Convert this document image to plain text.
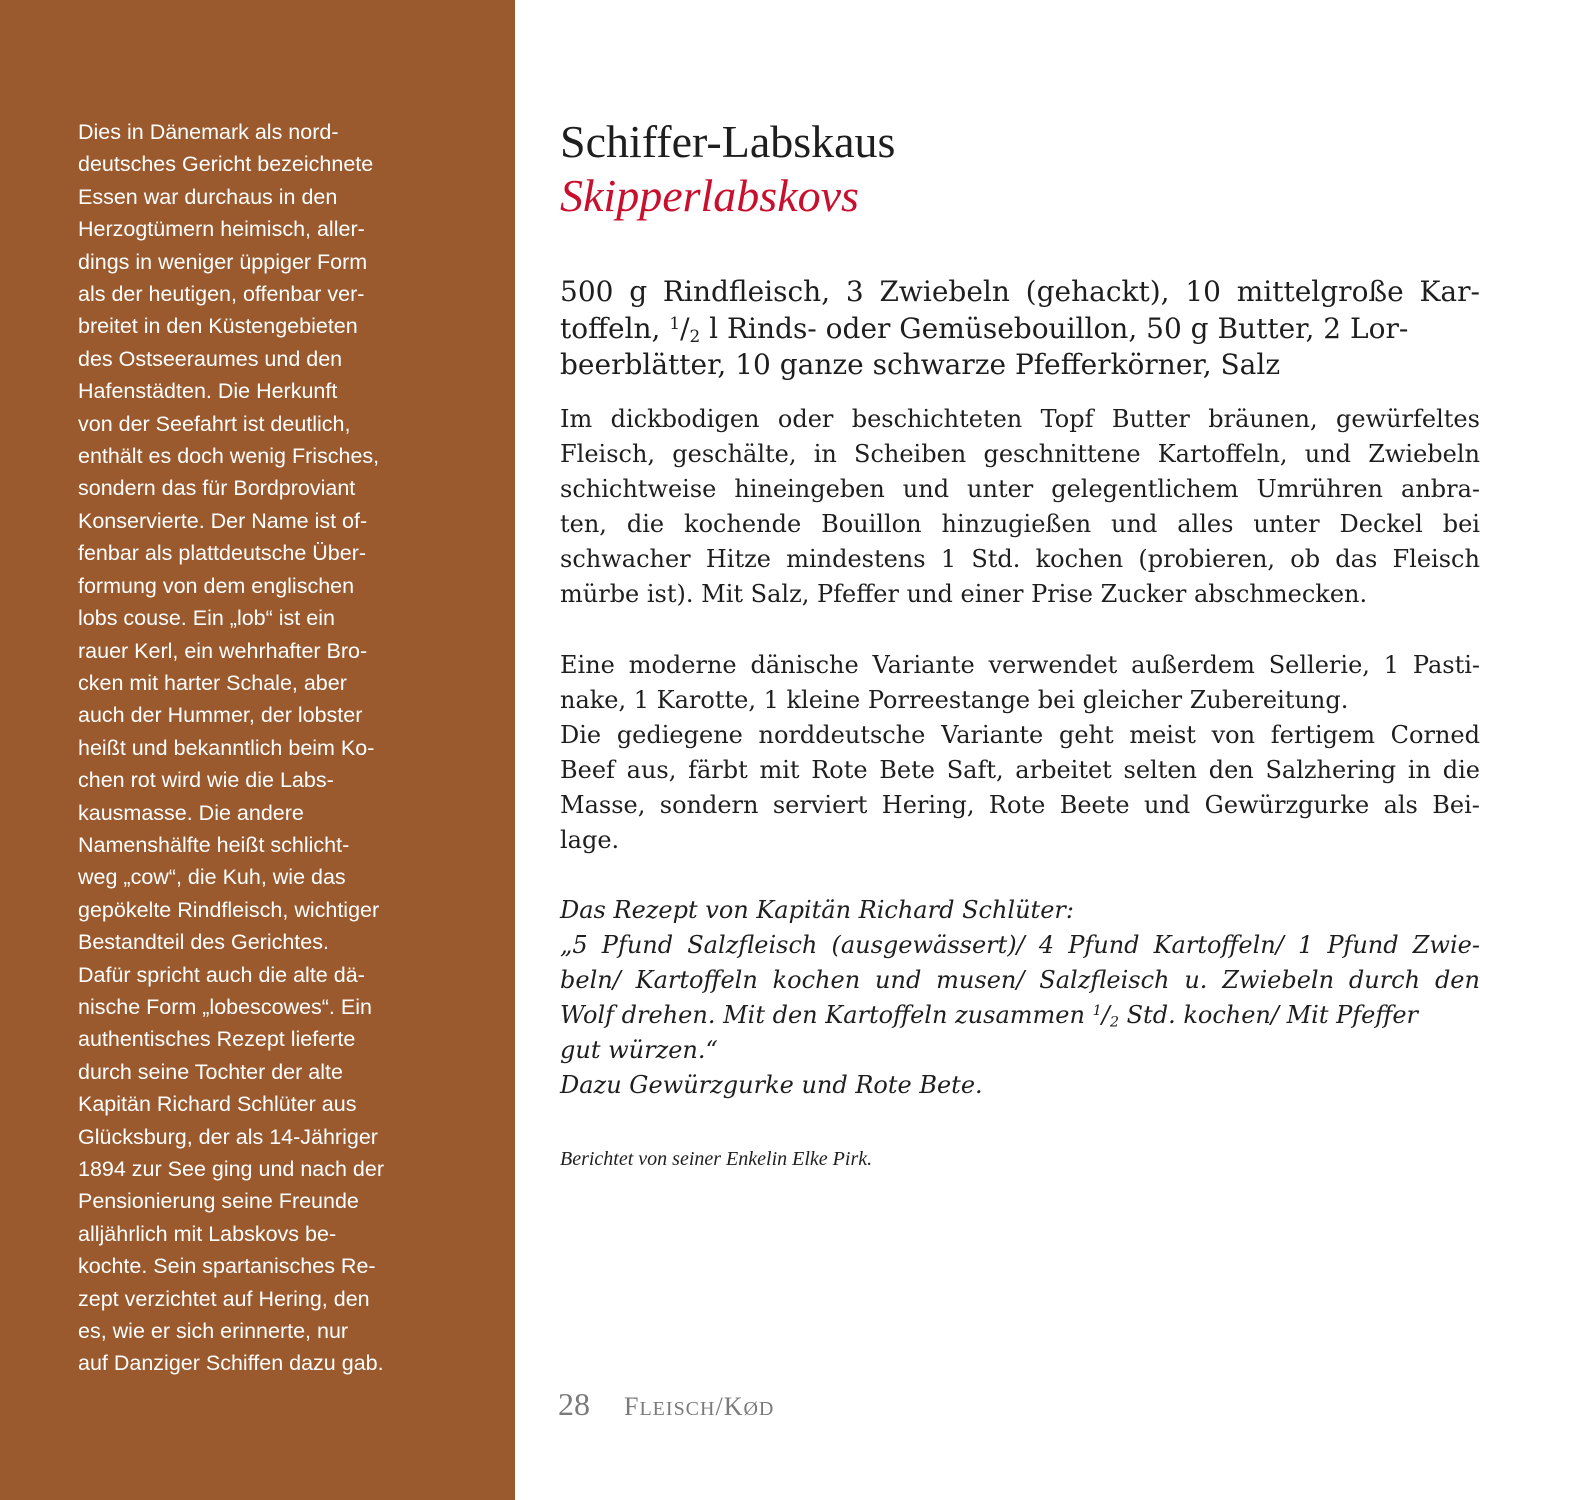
Dies in Dänemark als nord-
deutsches Gericht bezeichnete
Essen war durchaus in den
Herzogtümern heimisch, aller-
dings in weniger üppiger Form
als der heutigen, offenbar ver-
breitet in den Küstengebieten
des Ostseeraumes und den
Hafenstädten. Die Herkunft
von der Seefahrt ist deutlich,
enthält es doch wenig Frisches,
sondern das für Bordproviant
Konservierte. Der Name ist of-
fenbar als plattdeutsche Über-
formung von dem englischen
lobs couse. Ein „lob“ ist ein
rauer Kerl, ein wehrhafter Bro-
cken mit harter Schale, aber
auch der Hummer, der lobster
heißt und bekanntlich beim Ko-
chen rot wird wie die Labs-
kausmasse. Die andere
Namenshälfte heißt schlicht-
weg „cow“, die Kuh, wie das
gepökelte Rindfleisch, wichtiger
Bestandteil des Gerichtes.
Dafür spricht auch die alte dä-
nische Form „lobescowes“. Ein
authentisches Rezept lieferte
durch seine Tochter der alte
Kapitän Richard Schlüter aus
Glücksburg, der als 14-Jähriger
1894 zur See ging und nach der
Pensionierung seine Freunde
alljährlich mit Labskovs be-
kochte. Sein spartanisches Re-
zept verzichtet auf Hering, den
es, wie er sich erinnerte, nur
auf Danziger Schiffen dazu gab.
Schiffer-Labskaus
Skipperlabskovs
500 g Rindfleisch, 3 Zwiebeln (gehackt), 10 mittelgroße Kar-
toffeln, $^1/_2$ l Rinds- oder Gemüsebouillon, 50 g Butter, 2 Lor-
beerblätter, 10 ganze schwarze Pfefferkörner, Salz
Im dickbodigen oder beschichteten Topf Butter bräunen, gewürfeltes
Fleisch, geschälte, in Scheiben geschnittene Kartoffeln, und Zwiebeln
schichtweise hineingeben und unter gelegentlichem Umrühren anbra-
ten, die kochende Bouillon hinzugießen und alles unter Deckel bei
schwacher Hitze mindestens 1 Std. kochen (probieren, ob das Fleisch
mürbe ist). Mit Salz, Pfeffer und einer Prise Zucker abschmecken.
Eine moderne dänische Variante verwendet außerdem Sellerie, 1 Pasti-
nake, 1 Karotte, 1 kleine Porreestange bei gleicher Zubereitung.
Die gediegene norddeutsche Variante geht meist von fertigem Corned
Beef aus, färbt mit Rote Bete Saft, arbeitet selten den Salzhering in die
Masse, sondern serviert Hering, Rote Beete und Gewürzgurke als Bei-
lage.
Das Rezept von Kapitän Richard Schlüter:
„5 Pfund Salzfleisch (ausgewässert)/ 4 Pfund Kartoffeln/ 1 Pfund Zwie-
beln/ Kartoffeln kochen und musen/ Salzfleisch u. Zwiebeln durch den
Wolf drehen. Mit den Kartoffeln zusammen $^1/_2$ Std. kochen/ Mit Pfeffer
gut würzen.“
Dazu Gewürzgurke und Rote Bete.
Berichtet von seiner Enkelin Elke Pirk.
28 FLEISCH/KØD
